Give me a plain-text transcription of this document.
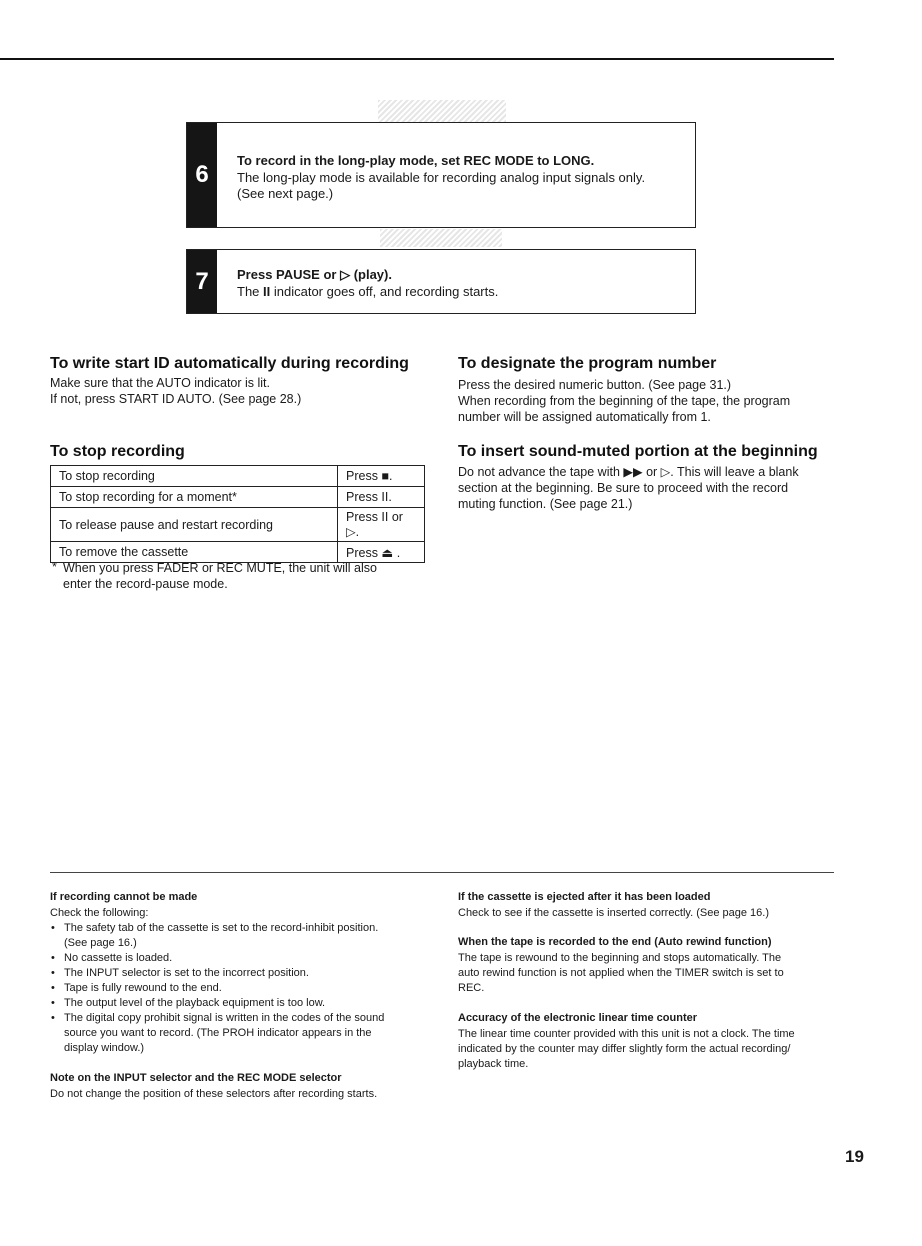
6
To record in the long-play mode, set REC MODE to LONG.
The long-play mode is available for recording analog input signals only.
(See next page.)
7	Press PAUSE or ▷ (play).
The II indicator goes off, and recording starts.
To write start ID automatically during recording
Make sure that the AUTO indicator is lit.
If not, press START ID AUTO. (See page 28.)
To stop recording
To stop recording	Press ■.
To stop recording for a moment*	Press II.
To release pause and restart recording	Press II or ▷.
To remove the cassette	Press ⏏ .
* When you press FADER or REC MUTE, the unit will also
enter the record-pause mode.
To designate the program number
Press the desired numeric button. (See page 31.)
When recording from the beginning of the tape, the program
number will be assigned automatically from 1.
To insert sound-muted portion at the beginning
Do not advance the tape with ▶▶ or ▷. This will leave a blank
section at the beginning. Be sure to proceed with the record
muting function. (See page 21.)
If recording cannot be made
Check the following:
• The safety tab of the cassette is set to the record-inhibit position.
(See page 16.)
• No cassette is loaded.
• The INPUT selector is set to the incorrect position.
• Tape is fully rewound to the end.
• The output level of the playback equipment is too low.
• The digital copy prohibit signal is written in the codes of the sound
source you want to record. (The PROH indicator appears in the
display window.)
Note on the INPUT selector and the REC MODE selector
Do not change the position of these selectors after recording starts.
If the cassette is ejected after it has been loaded
Check to see if the cassette is inserted correctly. (See page 16.)
When the tape is recorded to the end (Auto rewind function)
The tape is rewound to the beginning and stops automatically. The
auto rewind function is not applied when the TIMER switch is set to
REC.
Accuracy of the electronic linear time counter
The linear time counter provided with this unit is not a clock. The time
indicated by the counter may differ slightly form the actual recording/
playback time.
19
